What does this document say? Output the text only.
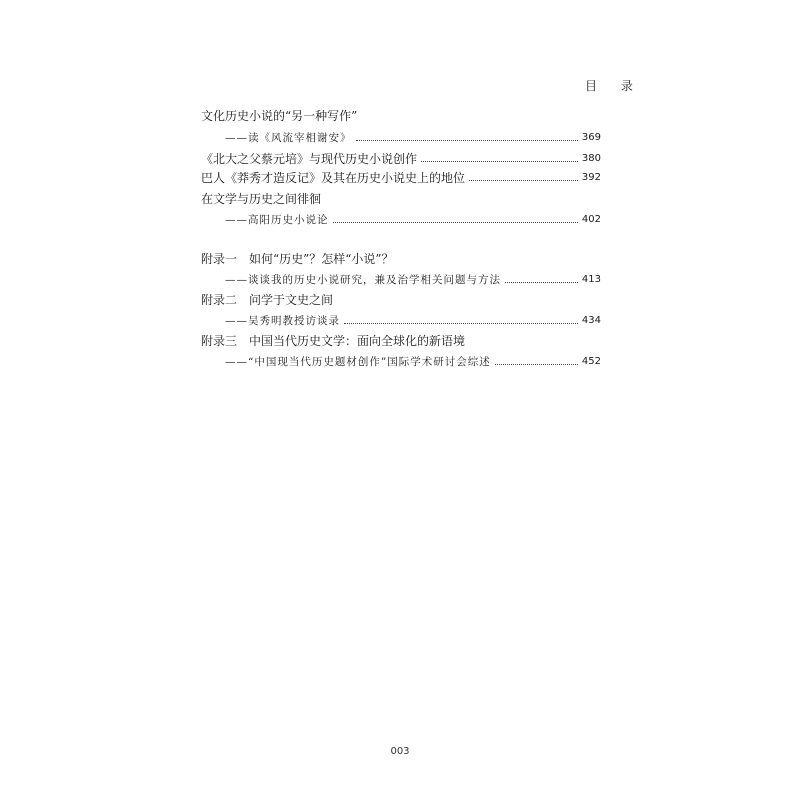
目 录
文化历史小说的“另一种写作”
——读《风流宰相谢安》	369
《北大之父蔡元培》与现代历史小说创作	380
巴人《莽秀才造反记》及其在历史小说史上的地位	392
在文学与历史之间徘徊
——高阳历史小说论	402
附录一　如何“历史”？怎样“小说”？
——谈谈我的历史小说研究，兼及治学相关问题与方法	413
附录二　问学于文史之间
——吴秀明教授访谈录	434
附录三　中国当代历史文学：面向全球化的新语境
——“中国现当代历史题材创作”国际学术研讨会综述	452
003
